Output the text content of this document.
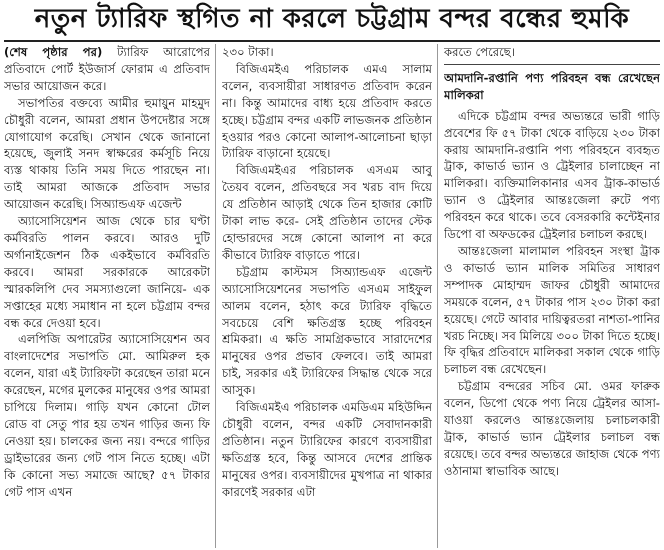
নতুন ট্যারিফ স্থগিত না করলে চট্টগ্রাম বন্দর বন্ধের হুমকি

(শেষ পৃষ্ঠার পর) ট্যারিফ আরোপের প্রতিবাদে পোর্ট ইউজার্স ফোরাম এ প্রতিবাদ সভার আয়োজন করে।

সভাপতির বক্তব্যে আমীর হুমায়ুন মাহমুদ চৌধুরী বলেন, আমরা প্রধান উপদেষ্টার সঙ্গে যোগাযোগ করেছি। সেখান থেকে জানানো হয়েছে, জুলাই সনদ স্বাক্ষরের কর্মসূচি নিয়ে ব্যস্ত থাকায় তিনি সময় দিতে পারছেন না। তাই আমরা আজকে প্রতিবাদ সভার আয়োজন করেছি। সিঅ্যান্ডএফ এজেন্ট

অ্যাসোসিয়েশন আজ থেকে চার ঘণ্টা কর্মবিরতি পালন করবে। আরও দুটি অর্গানাইজেশন ঠিক একইভাবে কর্মবিরতি করবে। আমরা সরকারকে আরেকটা স্মারকলিপি দেব সমস্যাগুলো জানিয়ে- এক সপ্তাহের মধ্যে সমাধান না হলে চট্টগ্রাম বন্দর বন্ধ করে দেওয়া হবে।

এলপিজি অপারেটর অ্যাসোসিয়েশন অব বাংলাদেশের সভাপতি মো. আমিরুল হক বলেন, যারা এই ট্যারিফটা করেছেন তারা মনে করেছেন, মগের মুলকের মানুষের ওপর আমরা চাপিয়ে দিলাম। গাড়ি যখন কোনো টোল রোড বা সেতু পার হয় তখন গাড়ির জন্য ফি নেওয়া হয়। চালকের জন্য নয়। বন্দরে গাড়ির ড্রাইভারের জন্য গেট পাস নিতে হচ্ছে। এটা কি কোনো সভ্য সমাজে আছে? ৫৭ টাকার গেট পাস এখন

২৩০ টাকা।

বিজিএমইএ পরিচালক এমএ সালাম বলেন, ব্যবসায়ীরা সাধারণত প্রতিবাদ করেন না। কিন্তু আমাদের বাধ্য হয়ে প্রতিবাদ করতে হচ্ছে। চট্টগ্রাম বন্দর একটি লাভজনক প্রতিষ্ঠান হওয়ার পরও কোনো আলাপ-আলোচনা ছাড়া ট্যারিফ বাড়ানো হয়েছে।

বিজিএমইএর পরিচালক এসএম আবু তৈয়ব বলেন, প্রতিবছরে সব খরচ বাদ দিয়ে যে প্রতিষ্ঠান আড়াই থেকে তিন হাজার কোটি টাকা লাভ করে- সেই প্রতিষ্ঠান তাদের স্টেক হোল্ডারদের সঙ্গে কোনো আলাপ না করে কীভাবে ট্যারিফ বাড়াতে পারে।

চট্টগ্রাম কাস্টমস সিঅ্যান্ডএফ এজেন্ট অ্যাসোসিয়েশনের সভাপতি এসএম সাইফুল আলম বলেন, হঠাৎ করে ট্যারিফ বৃদ্ধিতে সবচেয়ে বেশি ক্ষতিগ্রস্ত হচ্ছে পরিবহন শ্রমিকরা। এ ক্ষতি সামগ্রিকভাবে সারাদেশের মানুষের ওপর প্রভাব ফেলবে। তাই আমরা চাই, সরকার এই ট্যারিফের সিদ্ধান্ত থেকে সরে আসুক।

বিজিএমইএ পরিচালক এমডিএম মহিউদ্দিন চৌধুরী বলেন, বন্দর একটি সেবাদানকারী প্রতিষ্ঠান। নতুন ট্যারিফের কারণে ব্যবসায়ীরা ক্ষতিগ্রস্ত হবে, কিন্তু আসবে দেশের প্রান্তিক মানুষের ওপর। ব্যবসায়ীদের মুখপাত্র না থাকার কারণেই সরকার এটা

করতে পেরেছে।

আমদানি-রপ্তানি পণ্য পরিবহন বন্ধ রেখেছেন মালিকরা

এদিকে চট্টগ্রাম বন্দর অভ্যন্তরে ভারী গাড়ি প্রবেশের ফি ৫৭ টাকা থেকে বাড়িয়ে ২৩০ টাকা করায় আমদানি-রপ্তানি পণ্য পরিবহনে ব্যবহৃত ট্রাক, কাভার্ড ভ্যান ও ট্রেইলার চালাচ্ছেন না মালিকরা। ব্যক্তিমালিকানার এসব ট্রাক-কাভার্ড ভ্যান ও ট্রেইলার আন্তঃজেলা রুটে পণ্য পরিবহন করে থাকে। তবে বেসরকারি কন্টেইনার ডিপো বা অফডকের ট্রেইলার চলাচল করছে।

আন্তঃজেলা মালামাল পরিবহন সংস্থা ট্রাক ও কাভার্ড ভ্যান মালিক সমিতির সাধারণ সম্পাদক মোহাম্মদ জাফর চৌধুরী আমাদের সময়কে বলেন, ৫৭ টাকার পাস ২৩০ টাকা করা হয়েছে। গেটে আবার দায়িত্বরতরা নাশতা-পানির খরচ নিচ্ছে। সব মিলিয়ে ৩০০ টাকা দিতে হচ্ছে। ফি বৃদ্ধির প্রতিবাদে মালিকরা সকাল থেকে গাড়ি চলাচল বন্ধ রেখেছেন।

চট্টগ্রাম বন্দরের সচিব মো. ওমর ফারুক বলেন, ডিপো থেকে পণ্য নিয়ে ট্রেইলর আসা-যাওয়া করলেও আন্তঃজেলায় চলাচলকারী ট্রাক, কাভার্ড ভ্যান ট্রেইলার চলাচল বন্ধ রয়েছে। তবে বন্দর অভ্যন্তরে জাহাজ থেকে পণ্য ওঠানামা স্বাভাবিক আছে।
